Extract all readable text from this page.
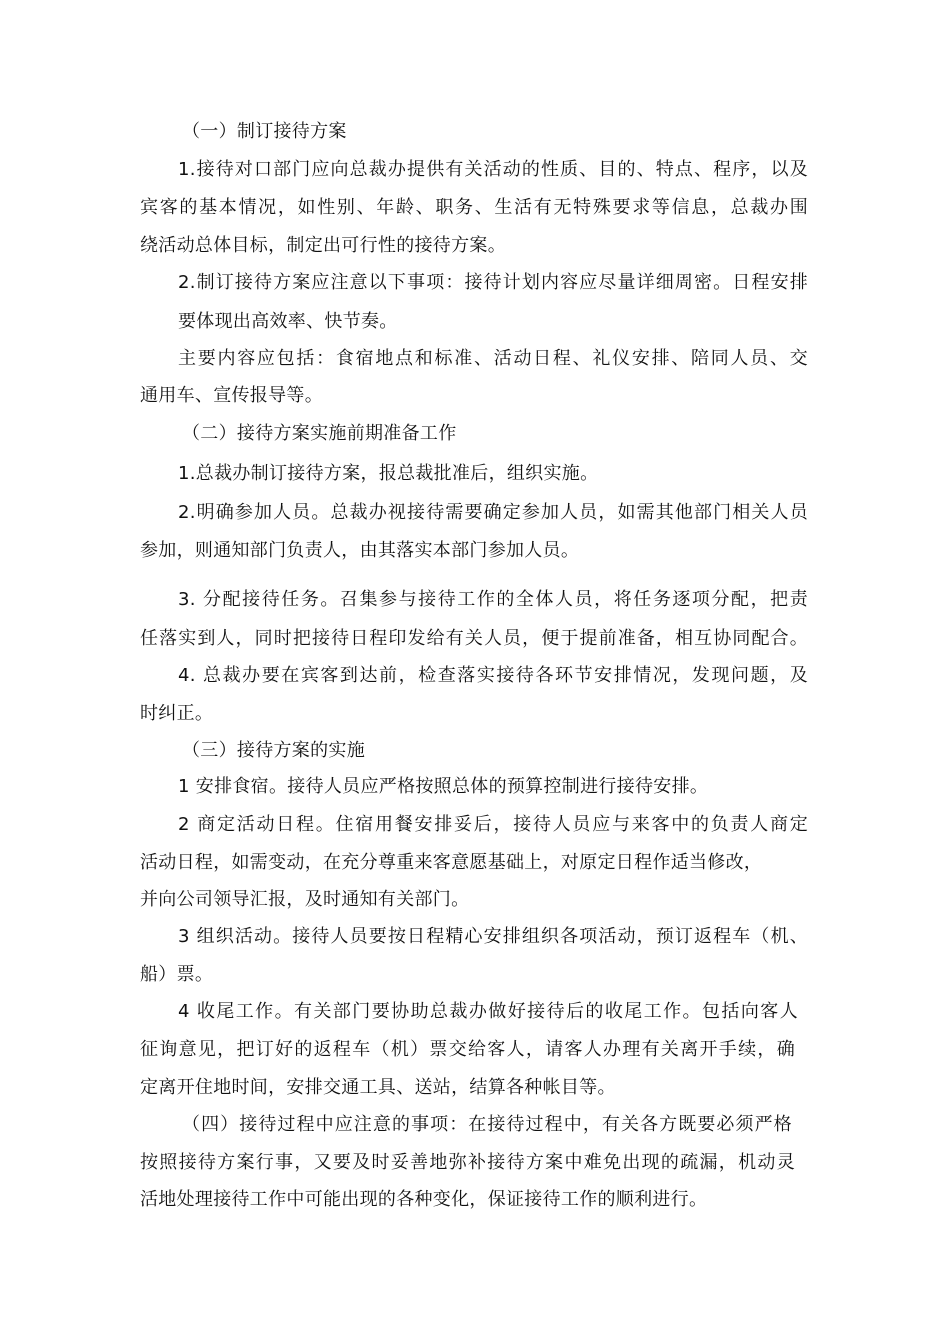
（一）制订接待方案
1.接待对口部门应向总裁办提供有关活动的性质、目的、特点、程序，以及
宾客的基本情况，如性别、年龄、职务、生活有无特殊要求等信息，总裁办围
绕活动总体目标，制定出可行性的接待方案。
2.制订接待方案应注意以下事项：接待计划内容应尽量详细周密。日程安排
要体现出高效率、快节奏。
主要内容应包括：食宿地点和标准、活动日程、礼仪安排、陪同人员、交
通用车、宣传报导等。
（二）接待方案实施前期准备工作
1.总裁办制订接待方案，报总裁批准后，组织实施。
2.明确参加人员。总裁办视接待需要确定参加人员，如需其他部门相关人员
参加，则通知部门负责人，由其落实本部门参加人员。
3. 分配接待任务。召集参与接待工作的全体人员，将任务逐项分配，把责
任落实到人，同时把接待日程印发给有关人员，便于提前准备，相互协同配合。
4. 总裁办要在宾客到达前，检查落实接待各环节安排情况，发现问题，及
时纠正。
（三）接待方案的实施
1 安排食宿。接待人员应严格按照总体的预算控制进行接待安排。
2 商定活动日程。住宿用餐安排妥后，接待人员应与来客中的负责人商定
活动日程，如需变动，在充分尊重来客意愿基础上，对原定日程作适当修改，
并向公司领导汇报，及时通知有关部门。
3 组织活动。接待人员要按日程精心安排组织各项活动，预订返程车（机、
船）票。
4 收尾工作。有关部门要协助总裁办做好接待后的收尾工作。包括向客人
征询意见，把订好的返程车（机）票交给客人，请客人办理有关离开手续，确
定离开住地时间，安排交通工具、送站，结算各种帐目等。
（四）接待过程中应注意的事项：在接待过程中，有关各方既要必须严格
按照接待方案行事，又要及时妥善地弥补接待方案中难免出现的疏漏，机动灵
活地处理接待工作中可能出现的各种变化，保证接待工作的顺利进行。
